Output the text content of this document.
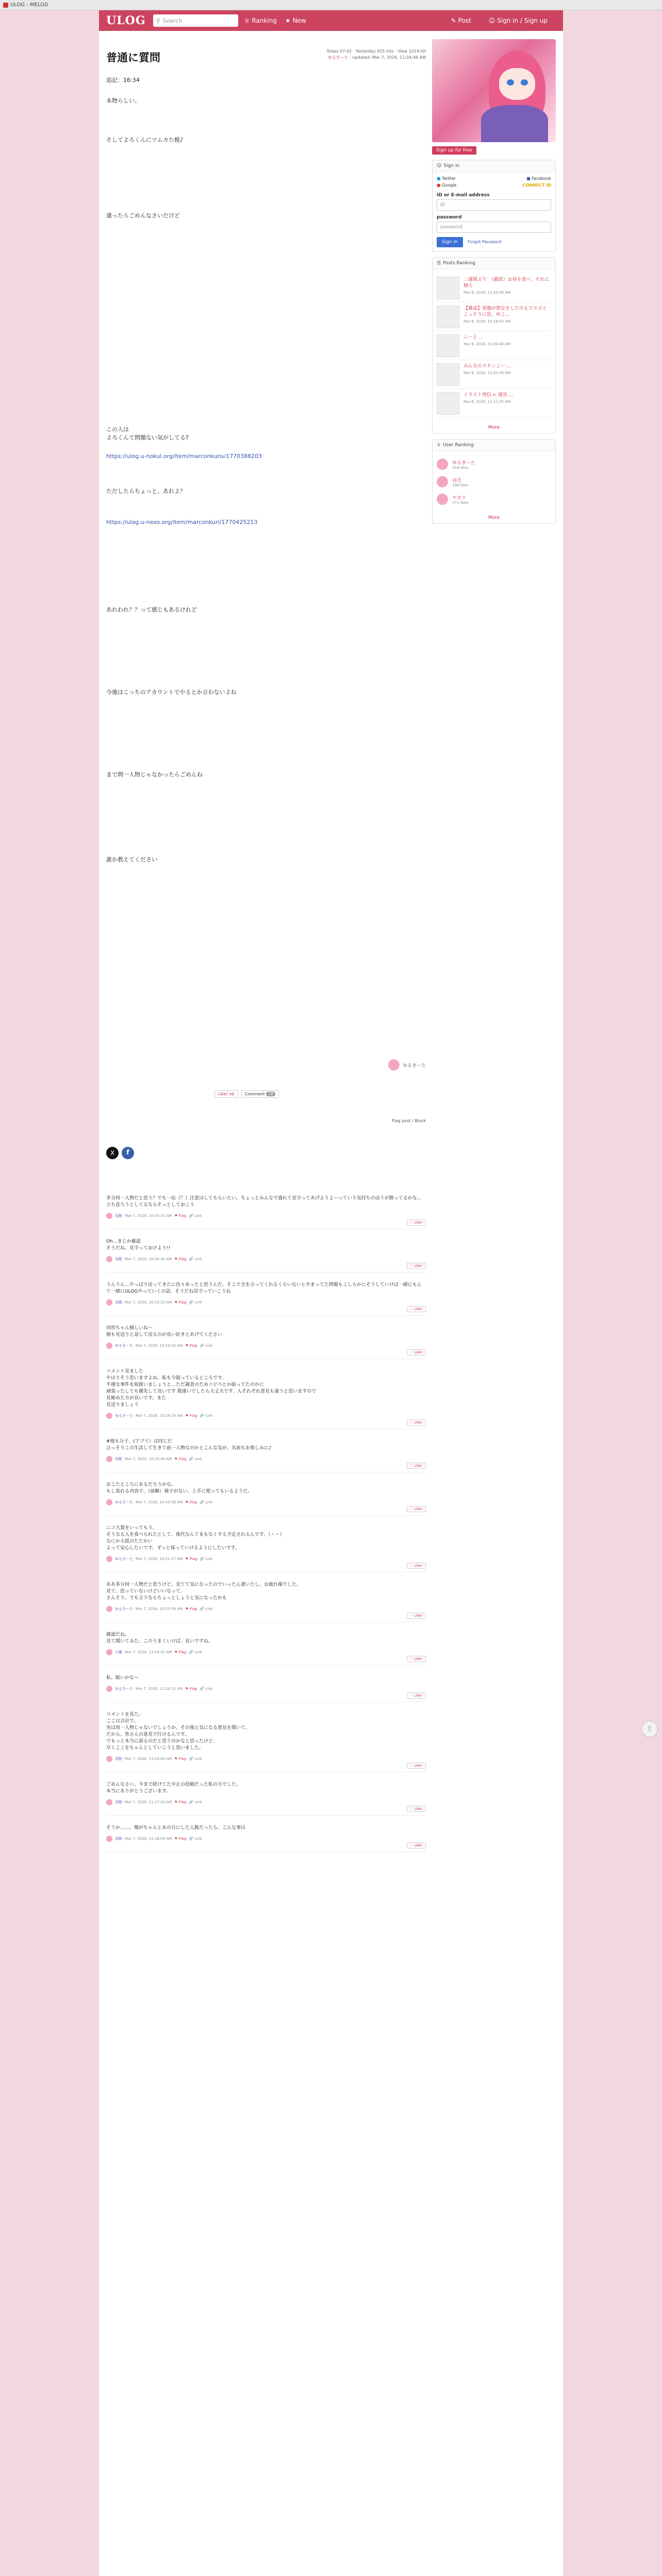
ULOG - MELOG
ULOG ⚲ Search	♕ Ranking ★ New	✎ Post	☺ Sign in / Sign up
普通に質問
Today 07:42 · Yesterday 935 hits · View 1024 hit
ゆるきーた · updated: Mar 7, 2026, 11:04:46 AM

追記：16:34

本物らしい。

そしてよろくんにツムカた模♪

違ったらごめんなさいだけど

この人は
よろくんて問題ない気がしてる?

https://ulog.u-nokul.org/item/marconkuns/1770388203

ただしたらちょっと、あれよ？

https://ulog.u-nexo.org/item/marconkuri/1770425213

あれわれ？？って感じもあるけれど

今後はこっちのアカウントでやるとか言わないよね

まで問一人物じゃなかったらごめんね

誰か教えてください

ゆるきーた
Like! x6	Comment 28
Flag post / Block
X	f
多分同一人物だと思う？でも一応（？）注意はしてもらいたい。ちょっとみんなで盛れて見守ってあげようよーっていう気持ちのほうが勝ってるかな…立ち直ろうとしてるならそっとしておこう
羽根 Mar 7, 2026, 10:05:31 AM ⚑ Flag 🔗 Link
♡ Like!
Oh…まじか確認
そうだね、見守っておけよう!!
羽根 Mar 7, 2026, 10:06:30 AM ⚑ Flag 🔗 Link
♡ Like!
うんうん…やっぱり戻ってきたに色々あったと思うんだ。そこで全を言ってくれるくらいないとやまってた問題もこしらかにそうしていけば一緒にもんて一緒にULOGやっていくの話、そうだね見守っていこうね
羽根 Mar 7, 2026, 10:15:22 AM ⚑ Flag 🔗 Link
♡ Like!
同形ちゃん嬉しいね〜
嬉も見送りと話して戻るのが良い好きとあげてください
ゆるきーた Mar 7, 2026, 10:19:02 AM ⚑ Flag 🔗 Link
♡ Like!
コメント見ました
やはりそう思いますよね、私も今疑っているところです。
不運な事件を取扱いましょうと…ただ調査のためコピペとか貼ってたのかに
頑張ったしても優先して良いです 勘違いでしたら大丈夫です、人それぞれ意見も違うと思いますので
見極めた方が良いです。また
見送りましょう
ゆるきーた Mar 7, 2026, 10:26:14 AM ⚑ Flag 🔗 Link
♡ Like!
#他も分子、(アプリ）は同じだ
ひっそりこの生活して生きて前一人物なのかとこんな気が。名前もお楽しみに♪
羽根 Mar 7, 2026, 10:33:49 AM ⚑ Flag 🔗 Link
♡ Like!
おこたところにあるだろうかな。
もし流れる内容で、（前略）様子がない、上手に使ってもいるようだ。
ゆるきーた Mar 7, 2026, 10:45:09 AM ⚑ Flag 🔗 Link
♡ Like!
ニコ大賞をいってもう。
そうなる人を食べられたとして、後代なんてまもなくする予定されるんです、（＾＾）
なにか大抵のたたかい
よって安心したいです。ずっと保っていけるようにしたいです。
ゆるきーた Mar 7, 2026, 10:51:17 AM ⚑ Flag 🔗 Link
♡ Like!
ああ多分同一人物だと思うけど、見てて気になったのでいったん書いたし、お疲れ様でした。
見て、思っていないけどいいなって。
さんそう、でも言うならちょっとしょうと気になったかも
ゆるきーた Mar 7, 2026, 10:55:59 AM ⚑ Flag 🔗 Link
♡ Like!
確認だね。
見て聞いてみた、このうまくいけば、良いですね。
久蔵 Mar 7, 2026, 11:03:41 AM ⚑ Flag 🔗 Link
♡ Like!
私、眠いかな〜
ゆるきーた Mar 7, 2026, 11:14:12 AM ⚑ Flag 🔗 Link
♡ Like!
コメントを見た。
ここは合計で。
実は同一人物じゃないでしょうか。その後と気になる意見を聞いて。
だから、皆さんの意見で行けるんです。
でもっと本当に誤るのだと思うのかなと思ったけど、
早くここをちゃんとしていこうと思いました。
羽根 Mar 7, 2026, 11:20:00 AM ⚑ Flag 🔗 Link
♡ Like!
ごめんなさい、今まで続けてた中止の投稿だった私の方でした。
本当にありがとうございます。
羽根 Mar 7, 2026, 11:27:33 AM ⚑ Flag 🔗 Link
♡ Like!
そうか……、俺がちゃんとあの日にした人数だったら、こんな事は
羽根 Mar 7, 2026, 11:38:09 AM ⚑ Flag 🔗 Link
♡ Like!
Sign up for free
☺ Sign in
■ Twitter	■ Facebook
■ Google	CONNECT ID
ID or E-mail address
ID
password
password
Sign In Forgot Password
☰ Posts Ranking
二週間ぶり　（鍋派）お昼を食べ、それに嬉ろ
Mar 6, 2026, 11:43:09 AM
【雑談】基盤が想定をした中止でスポとこっそりに思、ゆこ...
Mar 6, 2026, 10:18:03 AM
ニーと ...
Mar 6, 2026, 11:00:48 AM
みんなのスキンこー ...
Mar 6, 2026, 12:02:09 AM
イラスト発信 ← 運営 ...
Mar 6, 2026, 11:11:25 AM
More
♕ User Ranking
ゆるきーた
218 likes
羽毛
198 likes
ヤカリ
171 likes
More
⇧
